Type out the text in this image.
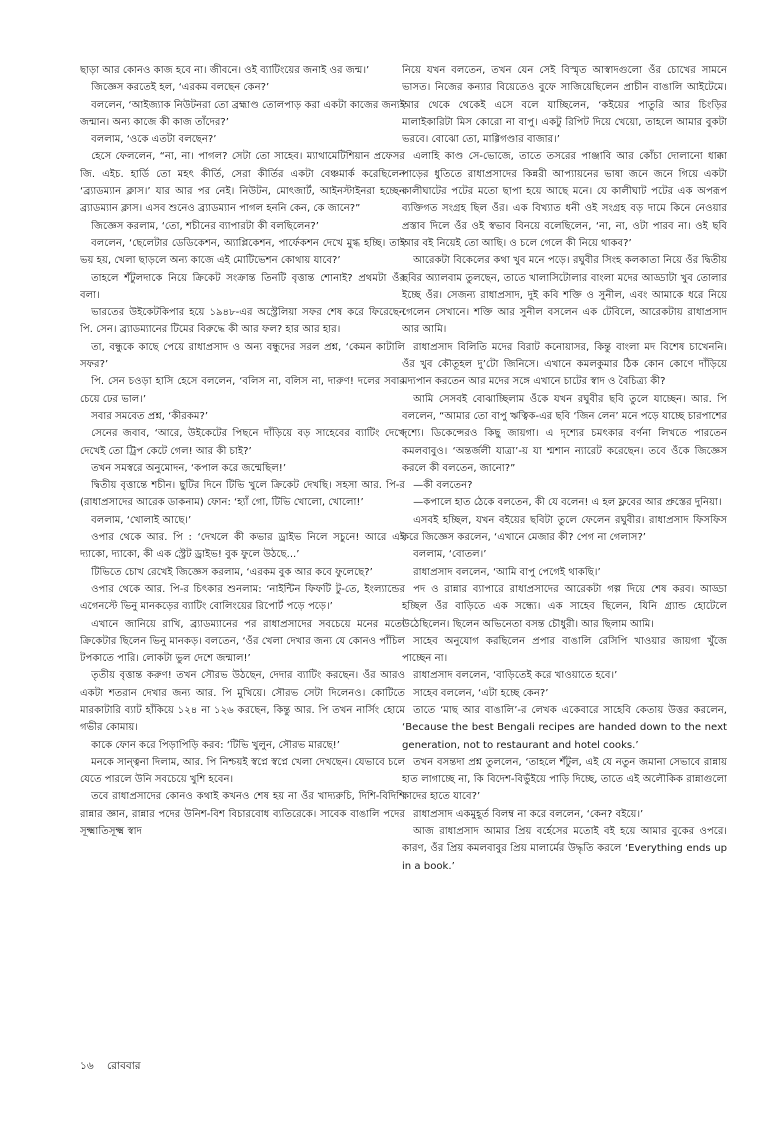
ছাড়া আর কোনও কাজ হবে না। জীবনে। ওই ব্যাটিংয়ের জনাই ওর জন্ম।’

জিজ্ঞেস করতেই হল, ‘এরকম বলছেন কেন?’

বললেন, ‘আইজ্যাক নিউটনরা তো ব্রহ্মাণ্ড তোলপাড় করা একটা কাজের জন্যই জন্মান। অন্য কাজে কী কাজ তাঁদের?’

বললাম, ‘ওকে এতটা বলছেন?’

হেসে ফেললেন, “না, না। পাগল? সেটা তো সাহেব। ম্যাথামেটিশিয়ান প্রফেসর জি. এইচ. হার্ডি তো মহৎ কীর্তি, সেরা কীর্তির একটা বেঞ্চমার্ক করেছিলেন ‘ব্র্যাডম্যান ক্লাস।’ যার আর পর নেই। নিউটন, মোৎজার্ট, আইনস্টাইনরা হচ্ছেন ব্র্যাডম্যান ক্লাস। এসব শুনেও ব্র্যাডম্যান পাগল হননি কেন, কে জানে?”

জিজ্ঞেস করলাম, ‘তো, শচীনের ব্যাপারটা কী বলছিলেন?’

বললেন, ‘ছেলেটার ডেডিকেশন, অ্যাপ্লিকেশন, পার্ফেকশন দেখে মুগ্ধ হচ্ছি। তাই ভয় হয়, খেলা ছাড়লে অন্য কাজে এই মোটিভেশন কোথায় যাবে?’

তাহলে শঁটুলদাকে নিয়ে ক্রিকেট সংক্রান্ত তিনটি বৃত্তান্ত শোনাই? প্রথমটা ওঁর বলা।

ভারতের উইকেটকিপার হয়ে ১৯৪৮-এর অস্ট্রেলিয়া সফর শেষ করে ফিরেছেন পি. সেন। ব্র্যাডম্যানের টিমের বিরুদ্ধে কী আর ফল? হার আর হার।

তা, বন্ধুকে কাছে পেয়ে রাধাপ্রসাদ ও অন্য বন্ধুদের সরল প্রশ্ন, ‘কেমন কাটালি সফর?’

পি. সেন চওড়া হাসি হেসে বললেন, ‘বলিস না, বলিস না, দারুণ! দলের সবার চেয়ে ঢের ভাল।’

সবার সমবেত প্রশ্ন, ‘কীরকম?’

সেনের জবাব, ‘আরে, উইকেটের পিছনে দাঁড়িয়ে বড় সাহেবের ব্যাটিং দেখে দেখেই তো ট্রিপ কেটে গেল! আর কী চাই?’

তখন সমস্বরে অনুমোদন, ‘কপাল করে জন্মেছিল!’

দ্বিতীয় বৃত্তান্তে শচীন। ছুটির দিনে টিভি খুলে ক্রিকেট দেখছি। সহসা আর. পি-র (রাধাপ্রসাদের আরেক ডাকনাম) ফোন: ‘হ্যাঁ গো, টিভি খোলো, খোলো!’

বললাম, ‘খোলাই আছে।’

ওপার থেকে আর. পি : ‘দেখলে কী কভার ড্রাইভ নিলে সচুনে! আরে এই দ্যাকো, দ্যাকো, কী এক স্ট্রেট ড্রাইভ! বুক ফুলে উঠছে...’

টিভিতে চোখ রেখেই জিজ্ঞেস করলাম, ‘এরকম বুক আর কবে ফুলেছে?’

ওপার থেকে আর. পি-র চিৎকার শুনলাম: ‘নাইন্টিন ফিফটি টু-তে, ইংল্যান্ডের এগেনস্টে ভিনু মানকড়ের ব্যাটিং বোলিংয়ের রিপোর্ট পড়ে পড়ে।’

এখানে জানিয়ে রাখি, ব্র্যাডম্যানের পর রাধাপ্রসাদের সবচেয়ে মনের মতো ক্রিকেটার ছিলেন ভিনু মানকড়। বলতেন, ‘ওঁর খেলা দেখার জন্য যে কোনও পাঁচিল টপকাতে পারি। লোকটা ভুল দেশে জন্মাল!’

তৃতীয় বৃত্তান্ত করুণ! তখন সৌরভ উঠছেন, দেদার ব্যাটিং করছেন। ওঁর আরও একটা শতরান দেখার জন্য আর. পি মুখিয়ে। সৌরভ সেটা দিলেনও। কোটিতে মারকাটারি ব্যাট হাঁকিয়ে ১২৪ না ১২৬ করছেন, কিন্তু আর. পি তখন নার্সিং হোমে গভীর কোমায়।

কাকে ফোন করে পিড়াপিড়ি করব: ‘টিভি খুলুন, সৌরভ মারছে!’

মনকে সান্ত্বনা দিলাম, আর. পি নিশ্চয়ই স্বপ্নে স্বপ্নে খেলা দেখছেন। যেভাবে চলে যেতে পারলে উনি সবচেয়ে খুশি হবেন।

তবে রাধাপ্রসাদের কোনও কথাই কখনও শেষ হয় না ওঁর খাদ্যরুচি, দিশি-বিদিশি রান্নার জ্ঞান, রান্নার পদের উনিশ-বিশ বিচারবোধ ব্যতিরেকে। সাবেক বাঙালি পদের সূক্ষ্মাতিসূক্ষ্ম স্বাদ

নিয়ে যখন বলতেন, তখন যেন সেই বিস্মৃত আস্বাদগুলো ওঁর চোখের সামনে ভাসত। নিজের কন্যার বিয়েতেও বুফে সাজিয়েছিলেন প্রাচীন বাঙালি আইটেমে। আর থেকে থেকেই এসে বলে যাচ্ছিলেন, ‘কইয়ের পাতুরি আর চিংড়ির মালাইকারিটা মিস কোরো না বাপু। একটু রিপিট দিয়ে খেয়ো, তাহলে আমার বুকটা ভরবে। বোঝো তো, মাগ্গিগণ্ডার বাজার।’

এলাহি কাণ্ড সে-ভোজে, তাতে তসরের পাঞ্জাবি আর কোঁচা দোলানো ধাক্কা পাড়ের ধুতিতে রাধাপ্রসাদের কিন্নরী আপ্যায়নের ভাষা জনে জনে গিয়ে একটা কালীঘাটের পটের মতো ছাপা হয়ে আছে মনে। যে কালীঘাট পটের এক অপরূপ ব্যক্তিগত সংগ্রহ ছিল ওঁর। এক বিখ্যাত ধনী ওই সংগ্রহ বড় দামে কিনে নেওয়ার প্রস্তাব দিলে ওঁর ওই স্বভাব বিনয়ে বলেছিলেন, ‘না, না, ওটা পারব না। ওই ছবি আর বই নিয়েই তো আছি। ও চলে গেলে কী নিয়ে থাকব?’

আরেকটা বিকেলের কথা খুব মনে পড়ে। রঘুবীর সিংহ কলকাতা নিয়ে ওঁর দ্বিতীয় ছবির অ্যালবাম তুলছেন, তাতে খালাসিটোলার বাংলা মদের আড্ডাটা খুব তোলার ইচ্ছে ওঁর। সেজন্য রাধাপ্রসাদ, দুই কবি শক্তি ও সুনীল, এবং আমাকে ধরে নিয়ে গেলেন সেখানে। শক্তি আর সুনীল বসলেন এক টেবিলে, আরেকটায় রাধাপ্রসাদ আর আমি।

রাধাপ্রসাদ বিলিতি মদের বিরাট কনোয়াসর, কিন্তু বাংলা মদ বিশেষ চাখেননি। ওঁর খুব কৌতূহল দু’টো জিনিসে। এখানে কমলকুমার ঠিক কোন কোণে দাঁড়িয়ে মদ্যপান করতেন আর মদের সঙ্গে এখানে চাটের স্বাদ ও বৈচিত্র্য কী?

আমি সেসবই বোঝাচ্ছিলাম ওঁকে যখন রঘুবীর ছবি তুলে যাচ্ছেন। আর. পি বললেন, “আমার তো বাপু ঋত্বিক-এর ছবি ‘জিন লেন’ মনে পড়ে যাচ্ছে চারপাশের দৃশ্যে। ডিকেন্সেরও কিছু জায়গা। এ দৃশ্যের চমৎকার বর্ণনা লিখতে পারতেন কমলবাবুও। ‘অন্তর্জলী যাত্রা’-য় যা শ্মশান ন্যারেট করেছেন। তবে ওঁকে জিজ্ঞেস করলে কী বলতেন, জানো?”

—কী বলতেন?

—কপালে হাত ঠেকে বলতেন, কী যে বলেন! এ হল ফ্লবের আর প্রুস্তের দুনিয়া।

এসবই হচ্ছিল, যখন বইয়ের ছবিটা তুলে ফেলেন রঘুবীর। রাধাপ্রসাদ ফিসফিস করে জিজ্ঞেস করলেন, ‘এখানে মেজার কী? পেগ না গেলাস?’

বললাম, ‘বোতল।’

রাধাপ্রসাদ বললেন, ‘আমি বাপু পেগেই থাকছি।’

পদ ও রান্নার ব্যাপারে রাধাপ্রসাদের আরেকটা গল্প দিয়ে শেষ করব। আড্ডা হচ্ছিল ওঁর বাড়িতে এক সন্ধ্যে। এক সাহেব ছিলেন, যিনি গ্র্যান্ড হোটেলে উঠেছিলেন। ছিলেন অভিনেতা বসন্ত চৌধুরী। আর ছিলাম আমি।

সাহেব অনুযোগ করছিলেন প্রপার বাঙালি রেসিপি খাওয়ার জায়গা খুঁজে পাচ্ছেন না।

রাধাপ্রসাদ বললেন, ‘বাড়িতেই করে খাওয়াতে হবে।’

সাহেব বললেন, ‘এটা হচ্ছে কেন?’

তাতে ‘মাছ আর বাঙালি’-র লেখক একেবারে সাহেবি কেতায় উত্তর করলেন, ‘Because the best Bengali recipes are handed down to the next generation, not to restaurant and hotel cooks.’

তখন বসন্তদা প্রশ্ন তুললেন, ‘তাহলে শঁটুল, এই যে নতুন জমানা সেভাবে রান্নায় হাত লাগাচ্ছে না, কি বিদেশ-বিভুঁইয়ে পাড়ি দিচ্ছে, তাতে এই অলৌকিক রান্নাগুলো কাদের হাতে যাবে?’

রাধাপ্রসাদ একমুহূর্ত বিলম্ব না করে বললেন, ‘কেন? বইয়ে।’

আজ রাধাপ্রসাদ আমার প্রিয় বর্হেসের মতোই বই হয়ে আমার বুকের ওপরে। কারণ, ওঁর প্রিয় কমলবাবুর প্রিয় মালার্মের উদ্ধৃতি করলে ‘Everything ends up in a book.’

১৬ রোববার
